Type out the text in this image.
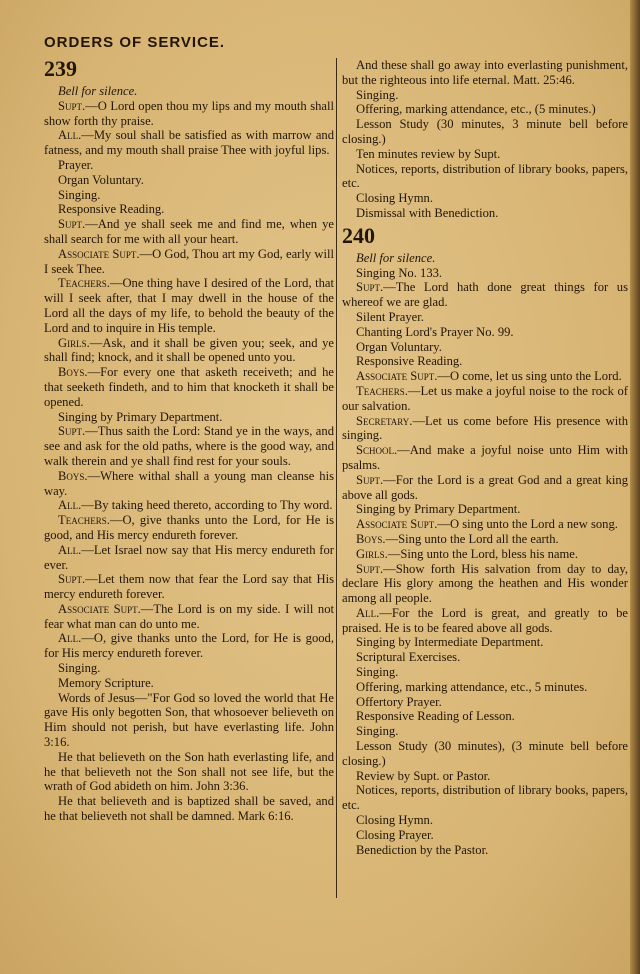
ORDERS OF SERVICE.
239

Bell for silence.

Supt.—O Lord open thou my lips and my mouth shall show forth thy praise.

All.—My soul shall be satisfied as with marrow and fatness, and my mouth shall praise Thee with joyful lips.

Prayer.

Organ Voluntary.

Singing.

Responsive Reading.

Supt.—And ye shall seek me and find me, when ye shall search for me with all your heart.

Associate Supt.—O God, Thou art my God, early will I seek Thee.

Teachers.—One thing have I desired of the Lord, that will I seek after, that I may dwell in the house of the Lord all the days of my life, to behold the beauty of the Lord and to inquire in His temple.

Girls.—Ask, and it shall be given you; seek, and ye shall find; knock, and it shall be opened unto you.

Boys.—For every one that asketh receiveth; and he that seeketh findeth, and to him that knocketh it shall be opened.

Singing by Primary Department.

Supt.—Thus saith the Lord: Stand ye in the ways, and see and ask for the old paths, where is the good way, and walk therein and ye shall find rest for your souls.

Boys.—Where withal shall a young man cleanse his way.

All.—By taking heed thereto, according to Thy word.

Teachers.—O, give thanks unto the Lord, for He is good, and His mercy endureth forever.

All.—Let Israel now say that His mercy endureth for ever.

Supt.—Let them now that fear the Lord say that His mercy endureth forever.

Associate Supt.—The Lord is on my side. I will not fear what man can do unto me.

All.—O, give thanks unto the Lord, for He is good, for His mercy endureth forever.

Singing.

Memory Scripture.

Words of Jesus—"For God so loved the world that He gave His only begotten Son, that whosoever believeth on Him should not perish, but have everlasting life. John 3:16.

He that believeth on the Son hath everlasting life, and he that believeth not the Son shall not see life, but the wrath of God abideth on him. John 3:36.

He that believeth and is baptized shall be saved, and he that believeth not shall be damned. Mark 6:16.

And these shall go away into everlasting punishment, but the righteous into life eternal. Matt. 25:46.

Singing.

Offering, marking attendance, etc., (5 minutes.)

Lesson Study (30 minutes, 3 minute bell before closing.)

Ten minutes review by Supt.

Notices, reports, distribution of library books, papers, etc.

Closing Hymn.

Dismissal with Benediction.

240

Bell for silence.

Singing No. 133.

Supt.—The Lord hath done great things for us whereof we are glad.

Silent Prayer.

Chanting Lord's Prayer No. 99.

Organ Voluntary.

Responsive Reading.

Associate Supt.—O come, let us sing unto the Lord.

Teachers.—Let us make a joyful noise to the rock of our salvation.

Secretary.—Let us come before His presence with singing.

School.—And make a joyful noise unto Him with psalms.

Supt.—For the Lord is a great God and a great king above all gods.

Singing by Primary Department.

Associate Supt.—O sing unto the Lord a new song.

Boys.—Sing unto the Lord all the earth.

Girls.—Sing unto the Lord, bless his name.

Supt.—Show forth His salvation from day to day, declare His glory among the heathen and His wonder among all people.

All.—For the Lord is great, and greatly to be praised. He is to be feared above all gods.

Singing by Intermediate Department.

Scriptural Exercises.

Singing.

Offering, marking attendance, etc., 5 minutes.

Offertory Prayer.

Responsive Reading of Lesson.

Singing.

Lesson Study (30 minutes), (3 minute bell before closing.)

Review by Supt. or Pastor.

Notices, reports, distribution of library books, papers, etc.

Closing Hymn.

Closing Prayer.

Benediction by the Pastor.
